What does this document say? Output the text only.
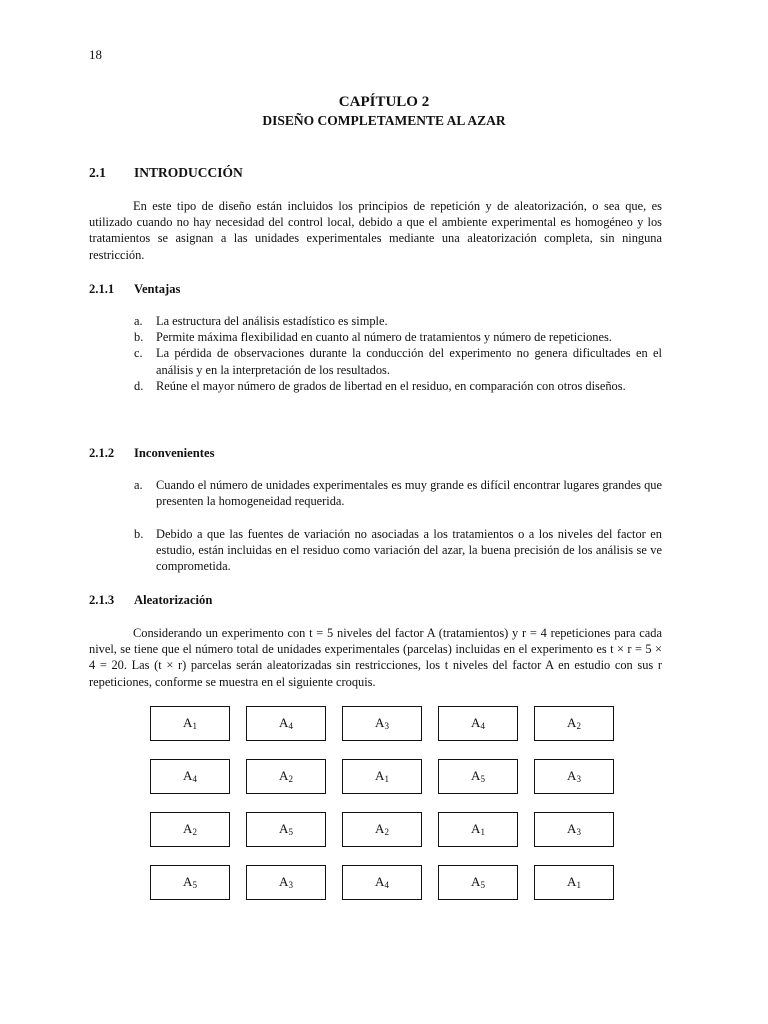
18
CAPÍTULO 2
DISEÑO COMPLETAMENTE AL AZAR
2.1 INTRODUCCIÓN

En este tipo de diseño están incluidos los principios de repetición y de aleatorización, o sea que, es utilizado cuando no hay necesidad del control local, debido a que el ambiente experimental es homogéneo y los tratamientos se asignan a las unidades experimentales mediante una aleatorización completa, sin ninguna restricción.

2.1.1 Ventajas
a. La estructura del análisis estadístico es simple.
b. Permite máxima flexibilidad en cuanto al número de tratamientos y número de repeticiones.
c. La pérdida de observaciones durante la conducción del experimento no genera dificultades en el análisis y en la interpretación de los resultados.
d. Reúne el mayor número de grados de libertad en el residuo, en comparación con otros diseños.
2.1.2 Inconvenientes
a. Cuando el número de unidades experimentales es muy grande es difícil encontrar lugares grandes que presenten la homogeneidad requerida.
b. Debido a que las fuentes de variación no asociadas a los tratamientos o a los niveles del factor en estudio, están incluidas en el residuo como variación del azar, la buena precisión de los análisis se ve comprometida.
2.1.3 Aleatorización

Considerando un experimento con t = 5 niveles del factor A (tratamientos) y r = 4 repeticiones para cada nivel, se tiene que el número total de unidades experimentales (parcelas) incluidas en el experimento es t × r = 5 × 4 = 20. Las (t × r) parcelas serán aleatorizadas sin restricciones, los t niveles del factor A en estudio con sus r repeticiones, conforme se muestra en el siguiente croquis.

$A_1$	$A_4$	$A_3$	$A_4$	$A_2$
$A_4$	$A_2$	$A_1$	$A_5$	$A_3$
$A_2$	$A_5$	$A_2$	$A_1$	$A_3$
$A_5$	$A_3$	$A_4$	$A_5$	$A_1$
